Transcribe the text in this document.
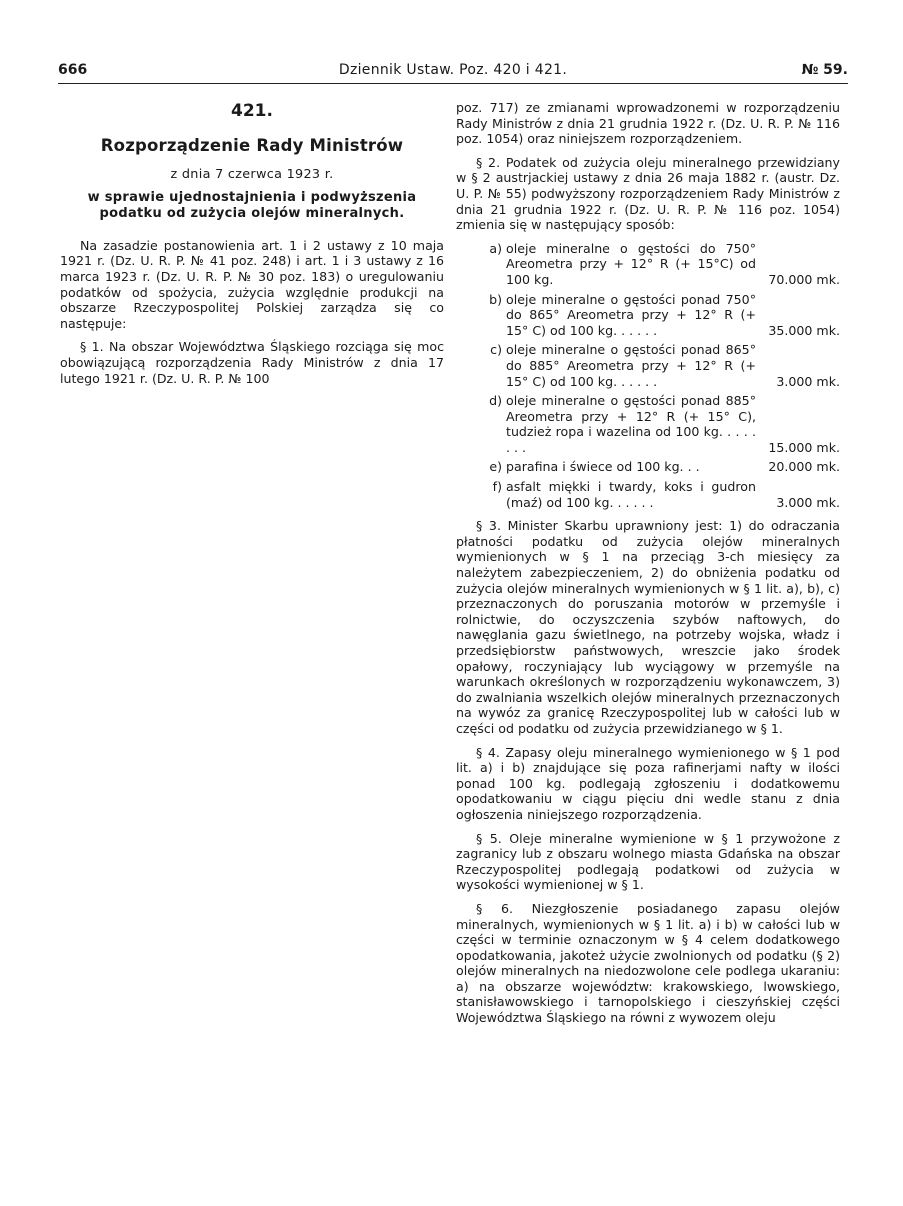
666	Dziennik Ustaw. Poz. 420 i 421.	№ 59.
421.
Rozporządzenie Rady Ministrów
z dnia 7 czerwca 1923 r.
w sprawie ujednostajnienia i podwyższenia podatku od zużycia olejów mineralnych.

Na zasadzie postanowienia art. 1 i 2 ustawy z 10 maja 1921 r. (Dz. U. R. P. № 41 poz. 248) i art. 1 i 3 ustawy z 16 marca 1923 r. (Dz. U. R. P. № 30 poz. 183) o uregulowaniu podatków od spożycia, zużycia względnie produkcji na obszarze Rzeczypospolitej Polskiej zarządza się co następuje:

§ 1. Na obszar Województwa Śląskiego rozciąga się moc obowiązującą rozporządzenia Rady Ministrów z dnia 17 lutego 1921 r. (Dz. U. R. P. № 100

poz. 717) ze zmianami wprowadzonemi w rozporządzeniu Rady Ministrów z dnia 21 grudnia 1922 r. (Dz. U. R. P. № 116 poz. 1054) oraz niniejszem rozporządzeniem.

§ 2. Podatek od zużycia oleju mineralnego przewidziany w § 2 austrjackiej ustawy z dnia 26 maja 1882 r. (austr. Dz. U. P. № 55) podwyższony rozporządzeniem Rady Ministrów z dnia 21 grudnia 1922 r. (Dz. U. R. P. № 116 poz. 1054) zmienia się w następujący sposób:

a) oleje mineralne o gęstości do 750° Areometra przy + 12° R (+ 15°C) od 100 kg.	70.000 mk.
b) oleje mineralne o gęstości ponad 750° do 865° Areometra przy + 12° R (+ 15° C) od 100 kg. . . . . .	35.000 mk.
c) oleje mineralne o gęstości ponad 865° do 885° Areometra przy + 12° R (+ 15° C) od 100 kg. . . . . .	3.000 mk.
d) oleje mineralne o gęstości ponad 885° Areometra przy + 12° R (+ 15° C), tudzież ropa i wazelina od 100 kg. . . . . . . .	15.000 mk.
e) parafina i świece od 100 kg. . .	20.000 mk.
f) asfalt miękki i twardy, koks i gudron (maź) od 100 kg. . . . . .	3.000 mk.

§ 3. Minister Skarbu uprawniony jest: 1) do odraczania płatności podatku od zużycia olejów mineralnych wymienionych w § 1 na przeciąg 3-ch miesięcy za należytem zabezpieczeniem, 2) do obniżenia podatku od zużycia olejów mineralnych wymienionych w § 1 lit. a), b), c) przeznaczonych do poruszania motorów w przemyśle i rolnictwie, do oczyszczenia szybów naftowych, do nawęglania gazu świetlnego, na potrzeby wojska, władz i przedsiębiorstw państwowych, wreszcie jako środek opałowy, roczyniający lub wyciągowy w przemyśle na warunkach określonych w rozporządzeniu wykonawczem, 3) do zwalniania wszelkich olejów mineralnych przeznaczonych na wywóz za granicę Rzeczypospolitej lub w całości lub w części od podatku od zużycia przewidzianego w § 1.

§ 4. Zapasy oleju mineralnego wymienionego w § 1 pod lit. a) i b) znajdujące się poza rafinerjami nafty w ilości ponad 100 kg. podlegają zgłoszeniu i dodatkowemu opodatkowaniu w ciągu pięciu dni wedle stanu z dnia ogłoszenia niniejszego rozporządzenia.

§ 5. Oleje mineralne wymienione w § 1 przywożone z zagranicy lub z obszaru wolnego miasta Gdańska na obszar Rzeczypospolitej podlegają podatkowi od zużycia w wysokości wymienionej w § 1.

§ 6. Niezgłoszenie posiadanego zapasu olejów mineralnych, wymienionych w § 1 lit. a) i b) w całości lub w części w terminie oznaczonym w § 4 celem dodatkowego opodatkowania, jakoteż użycie zwolnionych od podatku (§ 2) olejów mineralnych na niedozwolone cele podlega ukaraniu: a) na obszarze województw: krakowskiego, lwowskiego, stanisławowskiego i tarnopolskiego i cieszyńskiej części Województwa Śląskiego na równi z wywozem oleju
